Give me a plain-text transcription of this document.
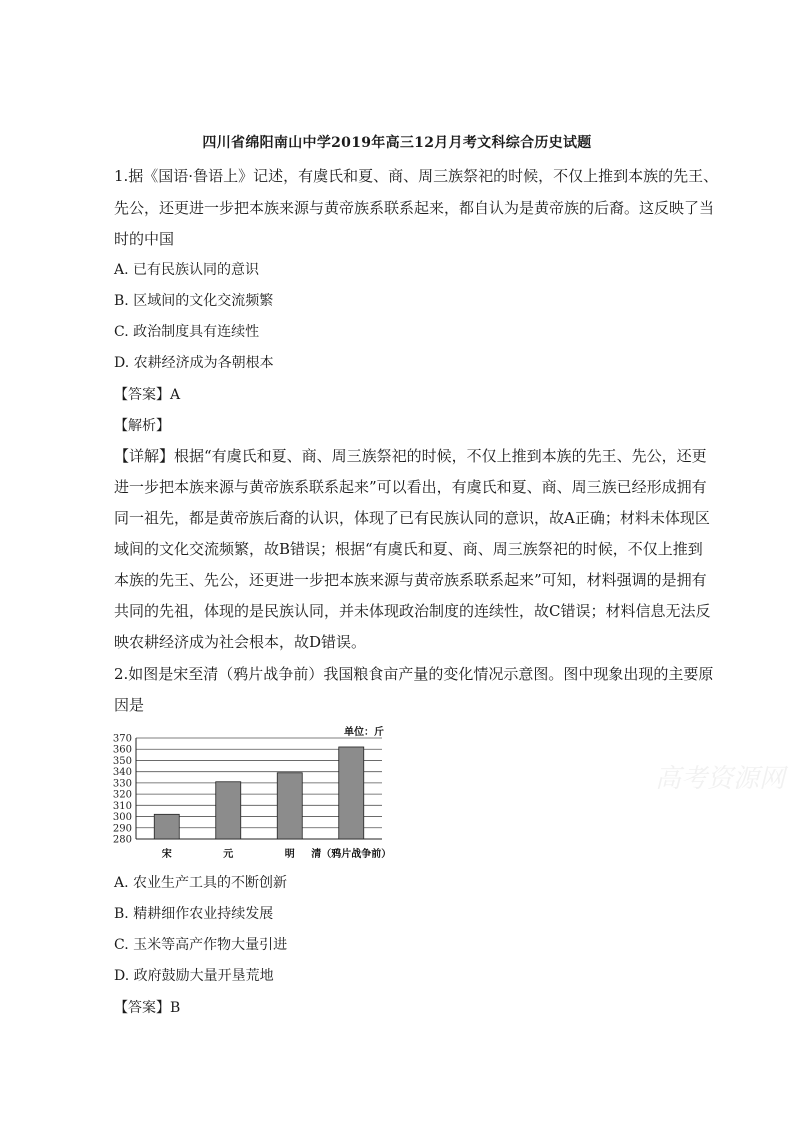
四川省绵阳南山中学2019年高三12月月考文科综合历史试题
1.据《国语·鲁语上》记述，有虞氏和夏、商、周三族祭祀的时候，不仅上推到本族的先王、
先公，还更进一步把本族来源与黄帝族系联系起来，都自认为是黄帝族的后裔。这反映了当
时的中国
A. 已有民族认同的意识
B. 区域间的文化交流频繁
C. 政治制度具有连续性
D. 农耕经济成为各朝根本
【答案】A
【解析】
【详解】根据“有虞氏和夏、商、周三族祭祀的时候，不仅上推到本族的先王、先公，还更
进一步把本族来源与黄帝族系联系起来”可以看出，有虞氏和夏、商、周三族已经形成拥有
同一祖先，都是黄帝族后裔的认识，体现了已有民族认同的意识，故A正确；材料未体现区
域间的文化交流频繁，故B错误；根据“有虞氏和夏、商、周三族祭祀的时候，不仅上推到
本族的先王、先公，还更进一步把本族来源与黄帝族系联系起来”可知，材料强调的是拥有
共同的先祖，体现的是民族认同，并未体现政治制度的连续性，故C错误；材料信息无法反
映农耕经济成为社会根本，故D错误。
2.如图是宋至清（鸦片战争前）我国粮食亩产量的变化情况示意图。图中现象出现的主要原
因是
280
290
300
310
320
330
340
350
360
370
宋	元	明 清（鸦片战争前）
单位：斤
高考资源网
A. 农业生产工具的不断创新
B. 精耕细作农业持续发展
C. 玉米等高产作物大量引进
D. 政府鼓励大量开垦荒地
【答案】B
